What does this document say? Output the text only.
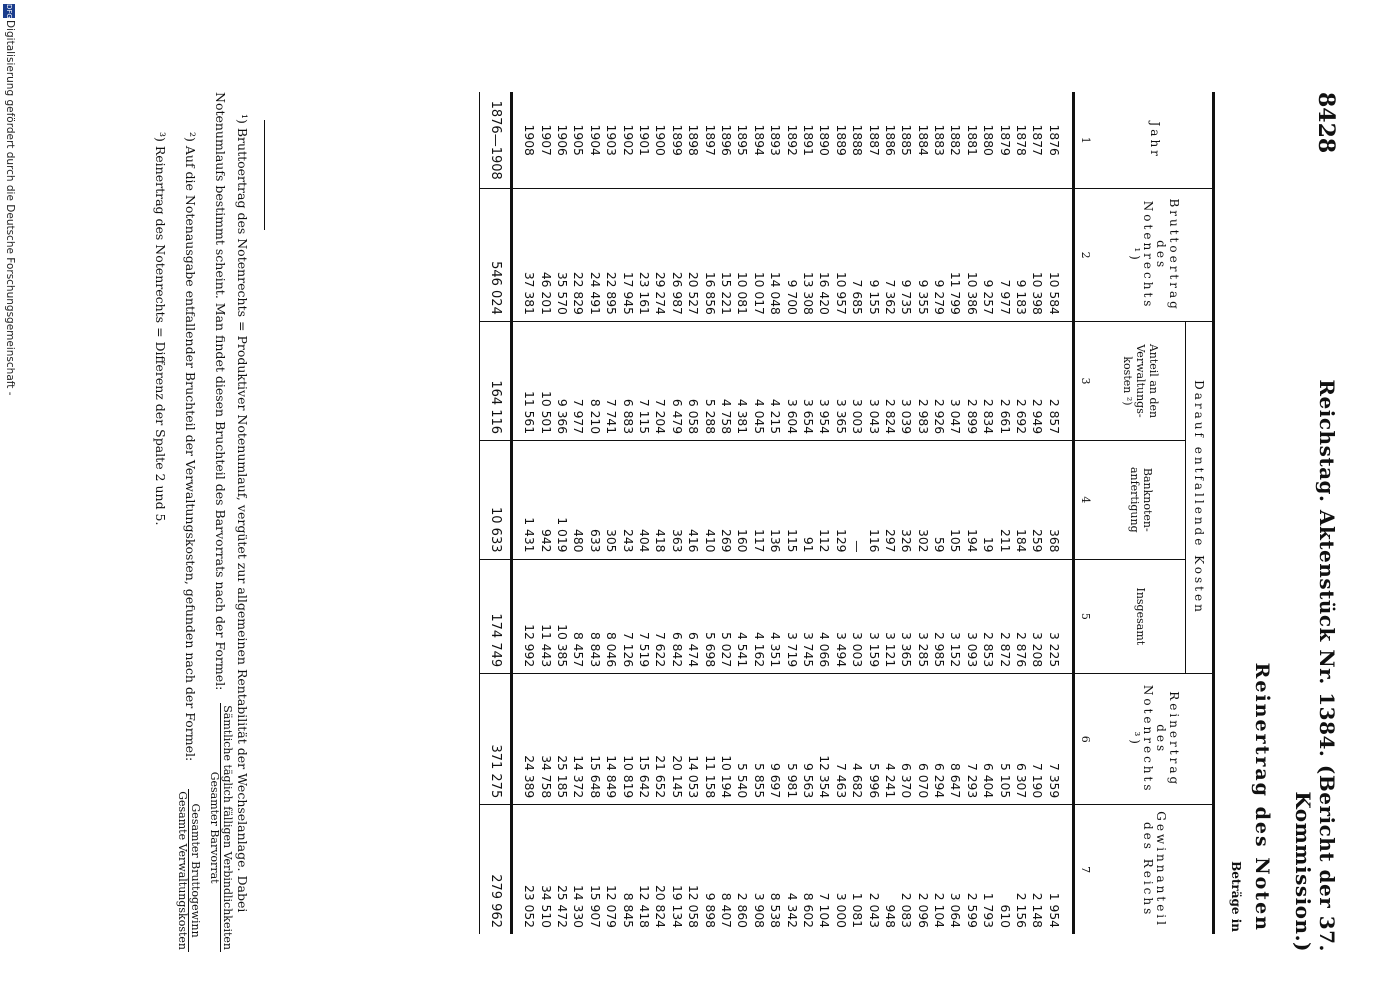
8428
Reichstag. Aktenstück Nr. 1384. (Bericht der 37. Kommission.)
Reinertrag des Noten
Beträge in
Jahr	Bruttoertrag des Notenrechts ¹)	Darauf entfallende Kosten			Reinertrag des Notenrechts ³)	Gewinnanteil des Reichs
		Anteil an den Verwaltungs- kosten ²)	Banknoten- anfertigung	Insgesamt		
1	2	3	4	5	6	7
1876	10 584	2 857	368	3 225	7 359	1 954
1877	10 398	2 949	259	3 208	7 190	2 148
1878	9 183	2 692	184	2 876	6 307	2 156
1879	7 977	2 661	211	2 872	5 105	610
1880	9 257	2 834	19	2 853	6 404	1 793
1881	10 386	2 899	194	3 093	7 293	2 599
1882	11 799	3 047	105	3 152	8 647	3 064
1883	9 279	2 926	59	2 985	6 294	2 104
1884	9 355	2 983	302	3 285	6 070	2 096
1885	9 735	3 039	326	3 365	6 370	2 083
1886	7 362	2 824	297	3 121	4 241	948
1887	9 155	3 043	116	3 159	5 996	2 043
1888	7 685	3 003	—	3 003	4 682	1 081
1889	10 957	3 365	129	3 494	7 463	3 000
1890	16 420	3 954	112	4 066	12 354	7 104
1891	13 308	3 654	91	3 745	9 563	8 602
1892	9 700	3 604	115	3 719	5 981	4 342
1893	14 048	4 215	136	4 351	9 697	8 538
1894	10 017	4 045	117	4 162	5 855	3 908
1895	10 081	4 381	160	4 541	5 540	2 860
1896	15 221	4 758	269	5 027	10 194	8 407
1897	16 856	5 288	410	5 698	11 158	9 898
1898	20 527	6 058	416	6 474	14 053	12 058
1899	26 987	6 479	363	6 842	20 145	19 134
1900	29 274	7 204	418	7 622	21 652	20 824
1901	23 161	7 115	404	7 519	15 642	12 418
1902	17 945	6 883	243	7 126	10 819	8 845
1903	22 895	7 741	305	8 046	14 849	12 079
1904	24 491	8 210	633	8 843	15 648	15 907
1905	22 829	7 977	480	8 457	14 372	14 330
1906	35 570	9 366	1 019	10 385	25 185	25 472
1907	46 201	10 501	942	11 443	34 758	34 510
1908	37 381	11 561	1 431	12 992	24 389	23 052
1876—1908	546 024	164 116	10 633	174 749	371 275	279 962
¹) Bruttoertrag des Notenrechts = Produktiver Notenumlauf, vergütet zur allgemeinen Rentabilität der Wechselanlage. Dabei
Notenumlaufs bestimmt scheint. Man findet diesen Bruchteil des Barvorrats nach der Formel:
Sämtliche täglich fälligen Verbindlichkeiten
Gesamter Barvorrat
²) Auf die Notenausgabe entfallender Bruchteil der Verwaltungskosten, gefunden nach der Formel:
Gesamter Bruttogewinn
Gesamte Verwaltungskosten
³) Reinertrag des Notenrechts = Differenz der Spalte 2 und 5.
DFG
Digitalisierung gefördert durch die Deutsche Forschungsgemeinschaft -
